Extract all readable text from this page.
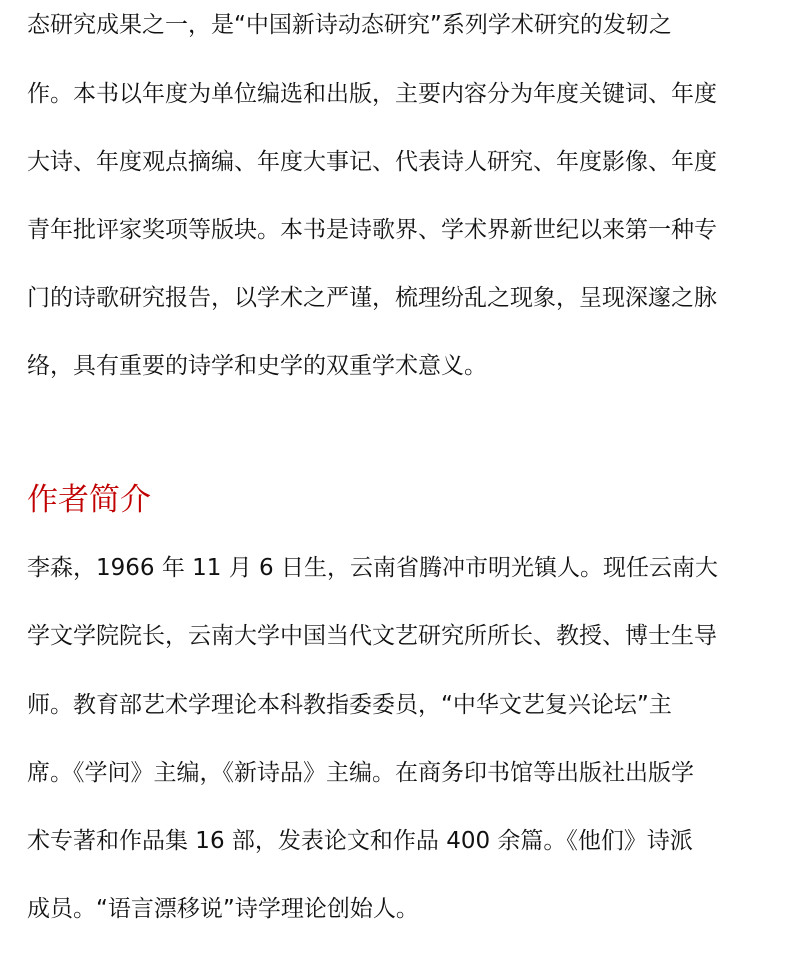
态研究成果之一，是“中国新诗动态研究”系列学术研究的发轫之
作。本书以年度为单位编选和出版，主要内容分为年度关键词、年度
大诗、年度观点摘编、年度大事记、代表诗人研究、年度影像、年度
青年批评家奖项等版块。本书是诗歌界、学术界新世纪以来第一种专
门的诗歌研究报告，以学术之严谨，梳理纷乱之现象，呈现深邃之脉
络，具有重要的诗学和史学的双重学术意义。
作者简介
李森，1966 年 11 月 6 日生，云南省腾冲市明光镇人。现任云南大
学文学院院长，云南大学中国当代文艺研究所所长、教授、博士生导
师。教育部艺术学理论本科教指委委员，“中华文艺复兴论坛”主
席。《学问》主编，《新诗品》主编。在商务印书馆等出版社出版学
术专著和作品集 16 部，发表论文和作品 400 余篇。《他们》诗派
成员。“语言漂移说”诗学理论创始人。
